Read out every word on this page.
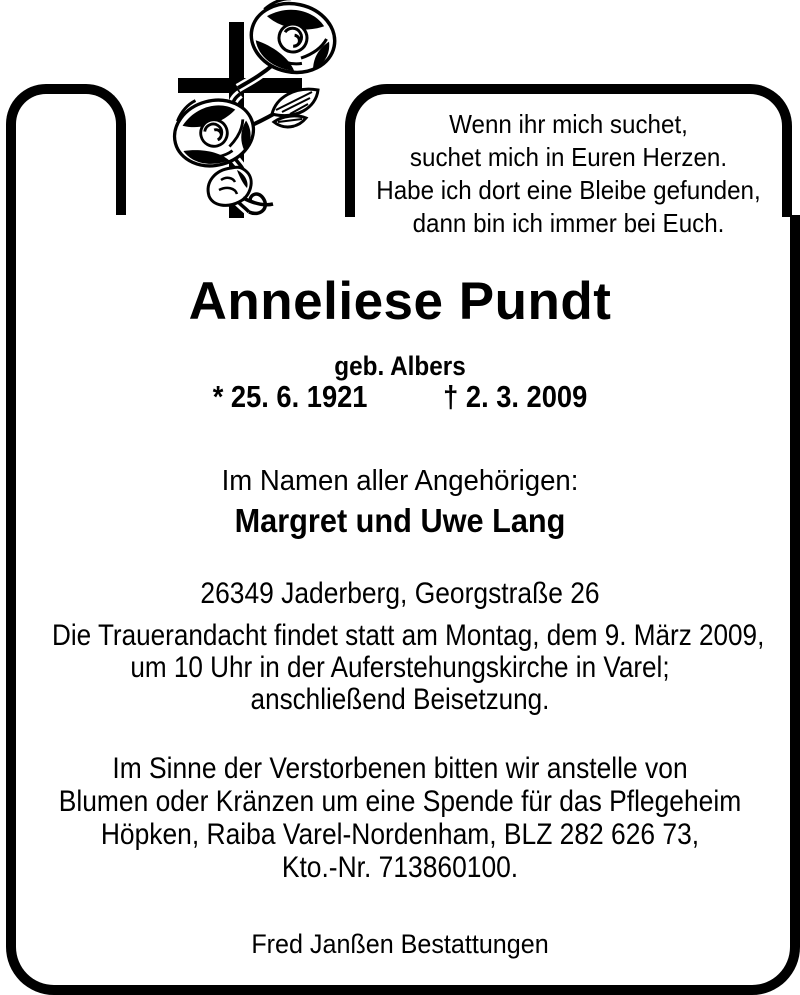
Wenn ihr mich suchet,
suchet mich in Euren Herzen.
Habe ich dort eine Bleibe gefunden,
dann bin ich immer bei Euch.
Anneliese Pundt
geb. Albers
* 25. 6. 1921 † 2. 3. 2009
Im Namen aller Angehörigen:
Margret und Uwe Lang
26349 Jaderberg, Georgstraße 26
Die Trauerandacht findet statt am Montag, dem 9. März 2009,
um 10 Uhr in der Auferstehungskirche in Varel;
anschließend Beisetzung.
Im Sinne der Verstorbenen bitten wir anstelle von
Blumen oder Kränzen um eine Spende für das Pflegeheim
Höpken, Raiba Varel-Nordenham, BLZ 282 626 73,
Kto.-Nr. 713860100.
Fred Janßen Bestattungen
